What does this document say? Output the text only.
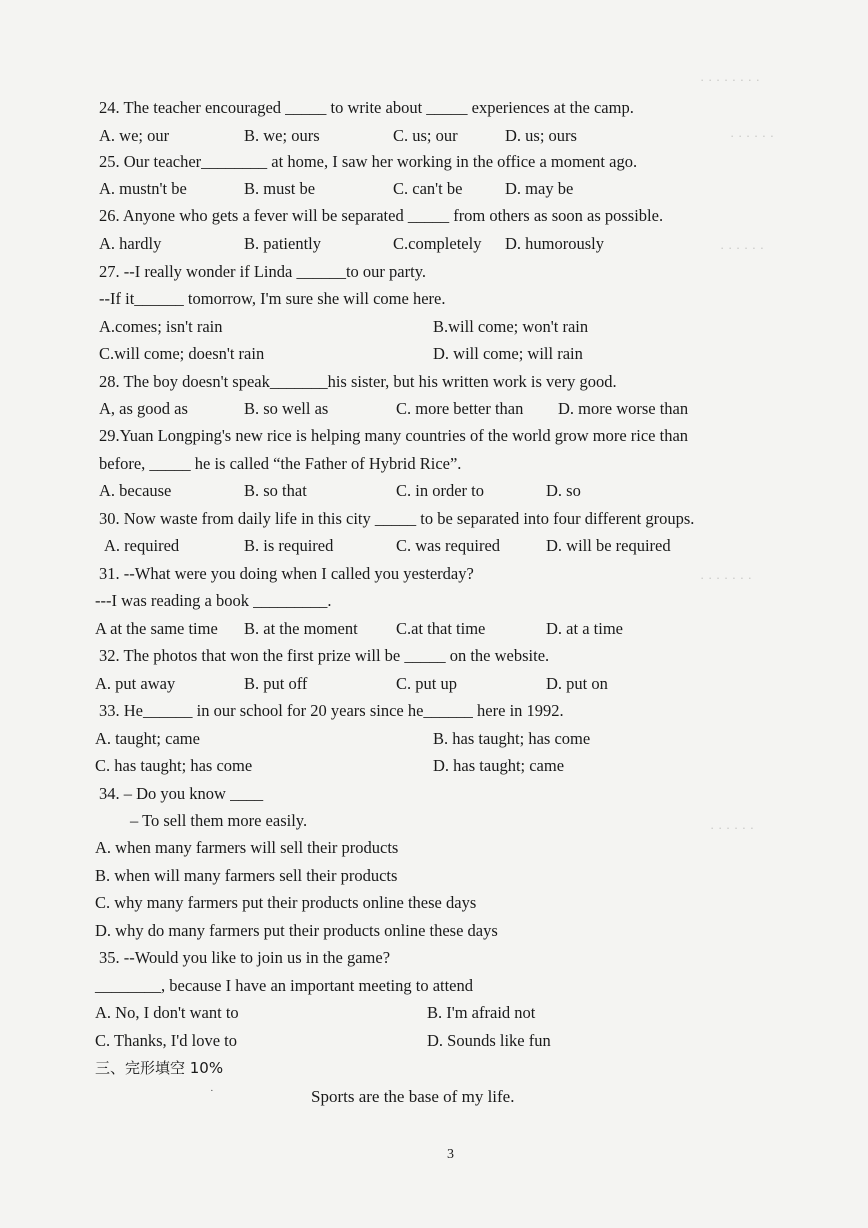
· · · · · · · ·
· · · · · ·
· · · · · ·
· · · · · · ·
· · · · · ·
24. The teacher encouraged _____ to write about _____ experiences at the camp.
A. we; our	B. we; ours	C. us; our	D. us; ours
25. Our teacher________ at home, I saw her working in the office a moment ago.
A. mustn't be	B. must be	C. can't be	D. may be
26. Anyone who gets a fever will be separated _____ from others as soon as possible.
A. hardly	B. patiently	C.completely D. humorously
27. --I really wonder if Linda ______to our party.
--If it______ tomorrow, I'm sure she will come here.
A.comes; isn't rain	B.will come; won't rain
C.will come; doesn't rain	D. will come; will rain
28. The boy doesn't speak_______his sister, but his written work is very good.
A, as good as	B. so well as	C. more better than D. more worse than
29.Yuan Longping's new rice is helping many countries of the world grow more rice than
before, _____ he is called “the Father of Hybrid Rice”.
A. because	B. so that	C. in order to	D. so
30. Now waste from daily life in this city _____ to be separated into four different groups.
A. required	B. is required	C. was required	D. will be required
31. --What were you doing when I called you yesterday?
---I was reading a book _________.
A at the same time B. at the moment C.at that time	D. at a time
32. The photos that won the first prize will be _____ on the website.
A. put away	B. put off	C. put up	D. put on
33. He______ in our school for 20 years since he______ here in 1992.
A. taught; came	B. has taught; has come
C. has taught; has come	D. has taught; came
34. – Do you know ____
– To sell them more easily.
A. when many farmers will sell their products
B. when will many farmers sell their products
C. why many farmers put their products online these days
D. why do many farmers put their products online these days
35. --Would you like to join us in the game?
________, because I have an important meeting to attend
A. No, I don't want to	B. I'm afraid not
C. Thanks, I'd love to	D. Sounds like fun
三、完形填空 10%
·	Sports are the base of my life.
3
